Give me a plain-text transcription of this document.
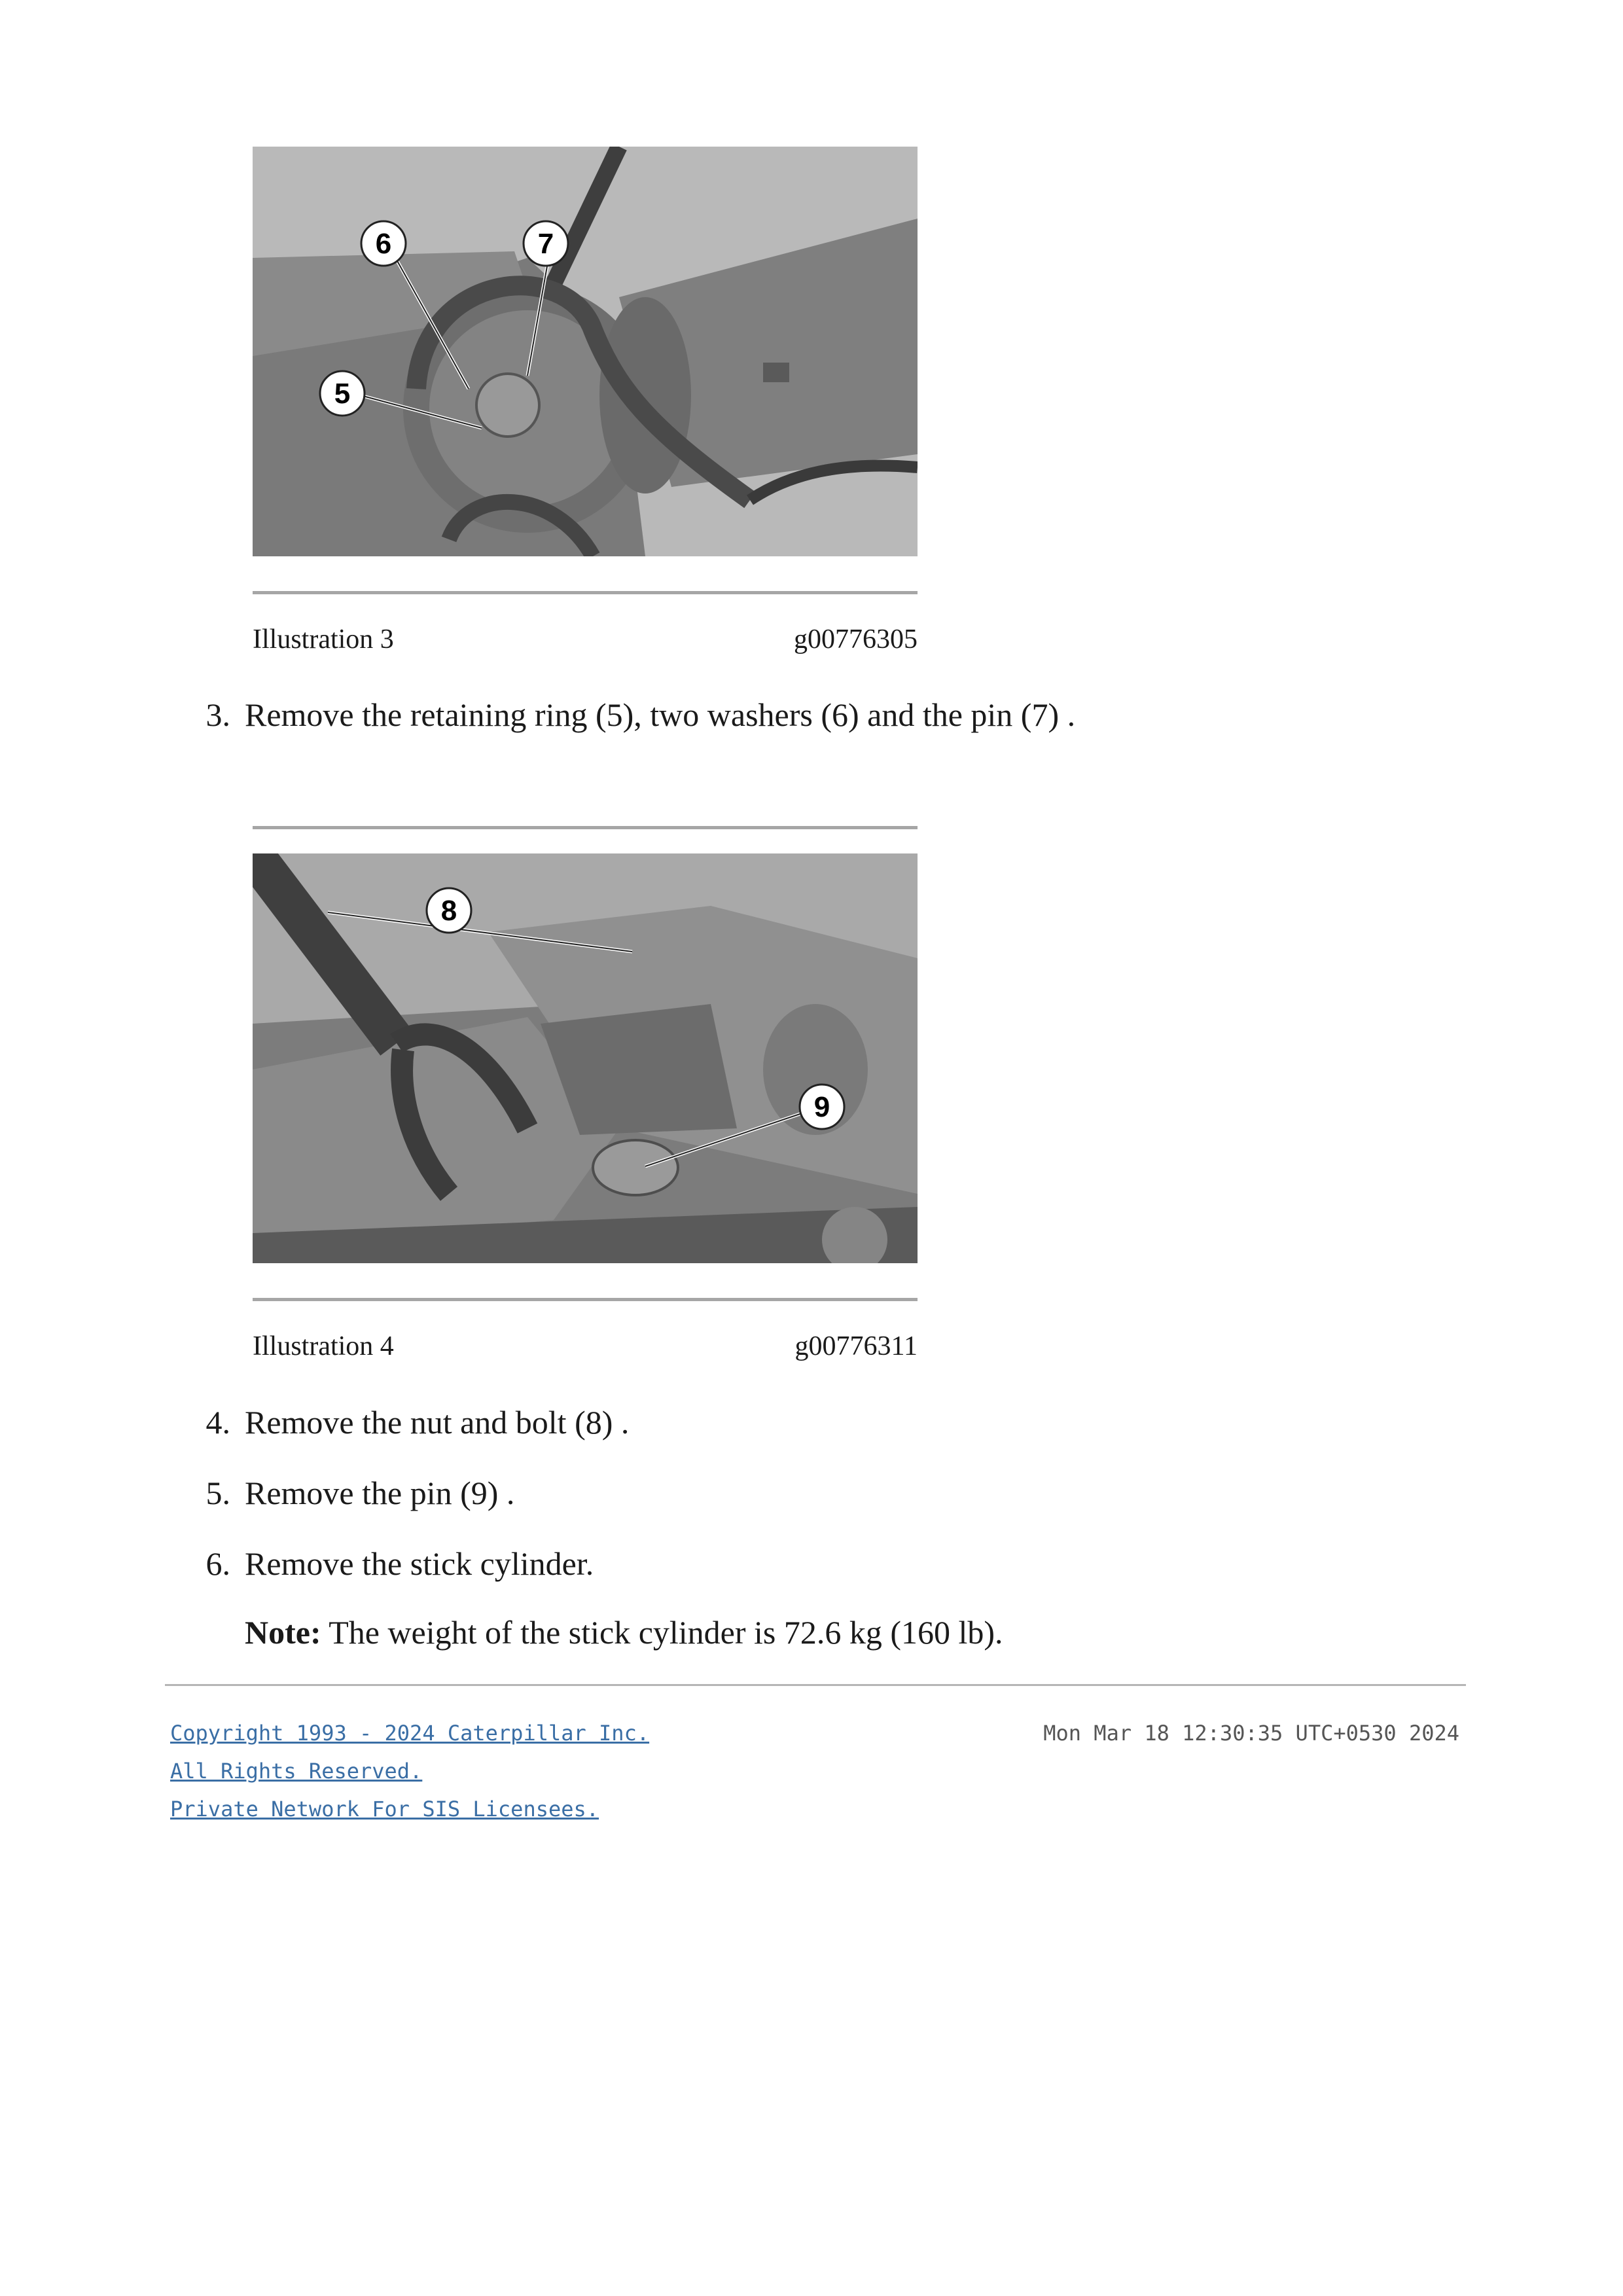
6	7
5
Illustration 3	g00776305
3. Remove the retaining ring (5), two washers (6) and the pin (7) .
8
9
Illustration 4	g00776311
4. Remove the nut and bolt (8) .
5. Remove the pin (9) .
6. Remove the stick cylinder.
Note: The weight of the stick cylinder is 72.6 kg (160 lb).
Copyright 1993 - 2024 Caterpillar Inc.
All Rights Reserved.
Private Network For SIS Licensees.
Mon Mar 18 12:30:35 UTC+0530 2024
